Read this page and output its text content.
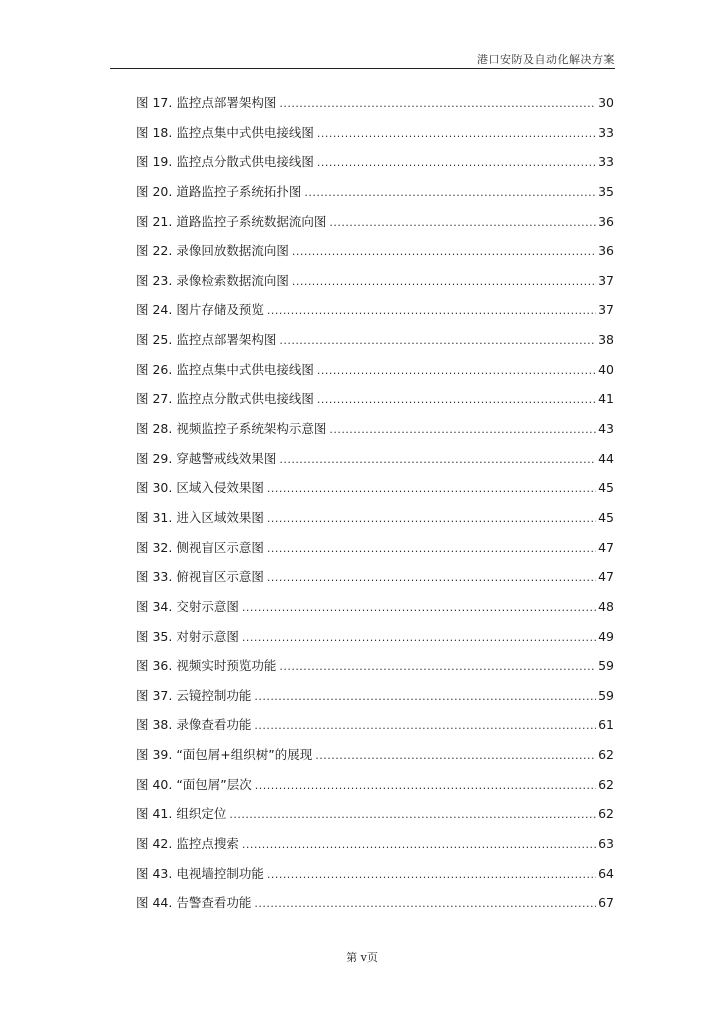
港口安防及自动化解决方案
图 17. 监控点部署架构图 .....	30
图 18. 监控点集中式供电接线图 .....	33
图 19. 监控点分散式供电接线图 .....	33
图 20. 道路监控子系统拓扑图 .....	35
图 21. 道路监控子系统数据流向图 .....	36
图 22. 录像回放数据流向图 .....	36
图 23. 录像检索数据流向图 .....	37
图 24. 图片存储及预览 .....	37
图 25. 监控点部署架构图 .....	38
图 26. 监控点集中式供电接线图 .....	40
图 27. 监控点分散式供电接线图 .....	41
图 28. 视频监控子系统架构示意图 .....	43
图 29. 穿越警戒线效果图 .....	44
图 30. 区域入侵效果图 .....	45
图 31. 进入区域效果图 .....	45
图 32. 侧视盲区示意图 .....	47
图 33. 俯视盲区示意图 .....	47
图 34. 交射示意图 .....	48
图 35. 对射示意图 .....	49
图 36. 视频实时预览功能 .....	59
图 37. 云镜控制功能 .....	59
图 38. 录像查看功能 .....	61
图 39. “面包屑+组织树”的展现 .....	62
图 40. “面包屑”层次 .....	62
图 41. 组织定位 .....	62
图 42. 监控点搜索 .....	63
图 43. 电视墙控制功能 .....	64
图 44. 告警查看功能 .....	67
第 v页
